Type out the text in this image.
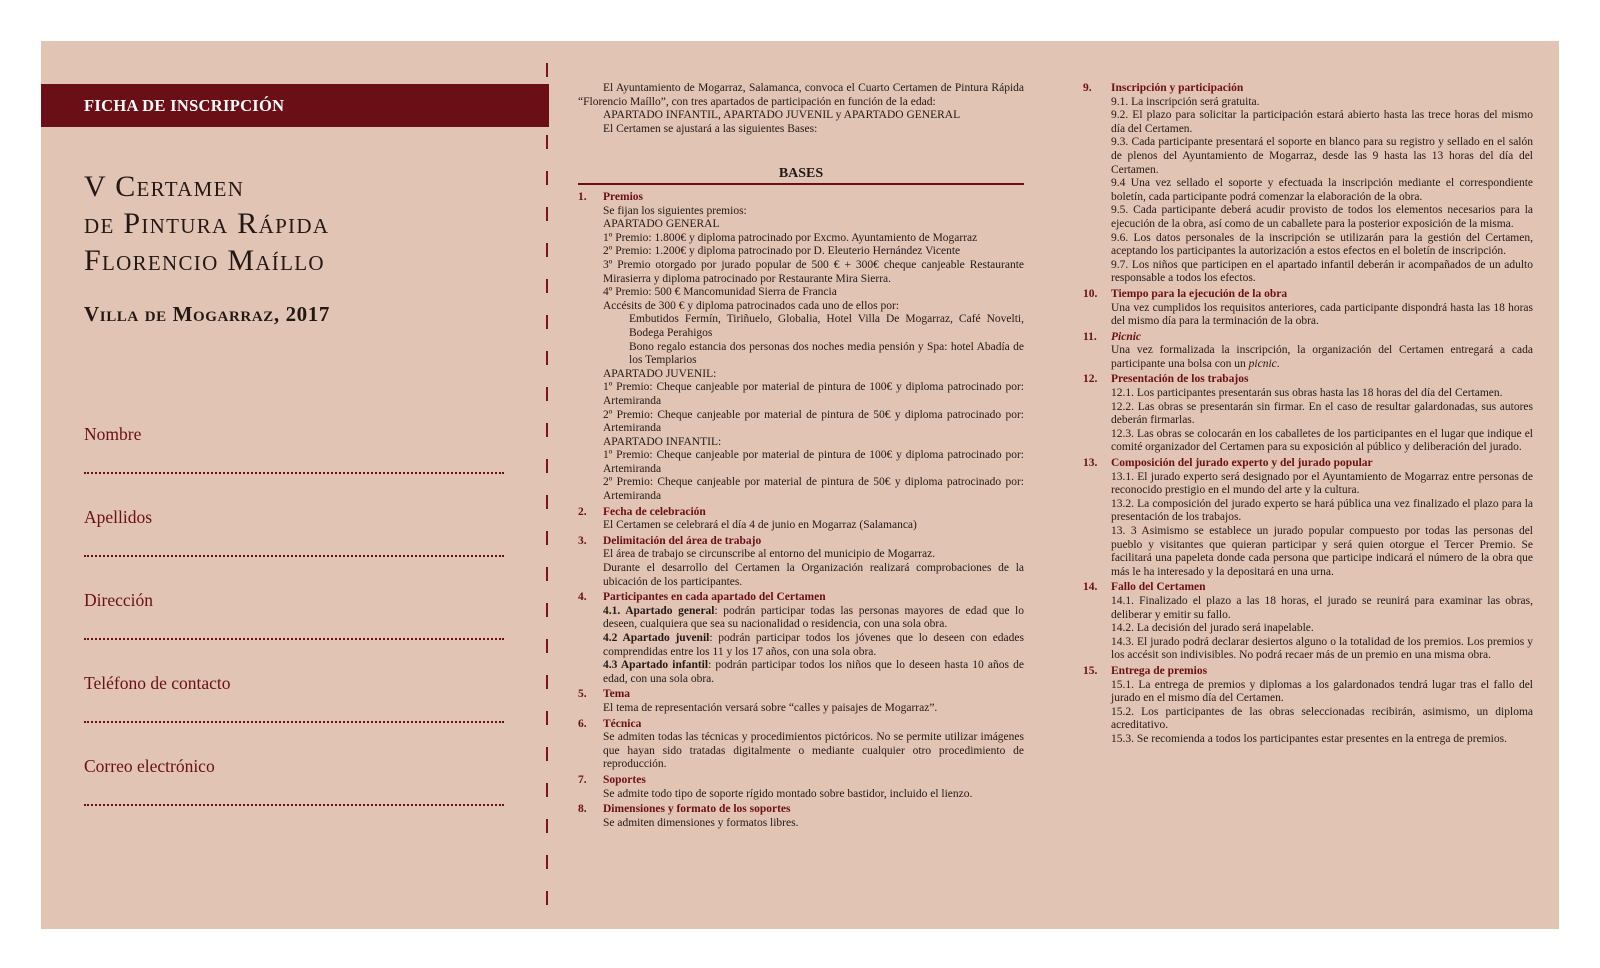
FICHA DE INSCRIPCIÓN
V Certamen
de Pintura Rápida
Florencio Maíllo
Villa de Mogarraz, 2017
Nombre
Apellidos
Dirección
Teléfono de contacto
Correo electrónico
El Ayuntamiento de Mogarraz, Salamanca, convoca el Cuarto Certamen de Pintura Rápida “Florencio Maíllo”, con tres apartados de participación en función de la edad:
APARTADO INFANTIL, APARTADO JUVENIL y APARTADO GENERAL
El Certamen se ajustará a las siguientes Bases:
BASES
1. Premios
Se fijan los siguientes premios:
APARTADO GENERAL
1º Premio: 1.800€ y diploma patrocinado por Excmo. Ayuntamiento de Mogarraz
2º Premio: 1.200€ y diploma patrocinado por D. Eleuterio Hernández Vicente
3º Premio otorgado por jurado popular de 500 € + 300€ cheque canjeable Restaurante Mirasierra y diploma patrocinado por Restaurante Mira Sierra.
4º Premio: 500 € Mancomunidad Sierra de Francia
Accésits de 300 € y diploma patrocinados cada uno de ellos por:
Embutidos Fermín, Tiriñuelo, Globalia, Hotel Villa De Mogarraz, Café Novelti, Bodega Perahigos
Bono regalo estancia dos personas dos noches media pensión y Spa: hotel Abadía de los Templarios
APARTADO JUVENIL:
1º Premio: Cheque canjeable por material de pintura de 100€ y diploma patrocinado por: Artemiranda
2º Premio: Cheque canjeable por material de pintura de 50€ y diploma patrocinado por: Artemiranda
APARTADO INFANTIL:
1º Premio: Cheque canjeable por material de pintura de 100€ y diploma patrocinado por: Artemiranda
2º Premio: Cheque canjeable por material de pintura de 50€ y diploma patrocinado por: Artemiranda
2. Fecha de celebración
El Certamen se celebrará el día 4 de junio en Mogarraz (Salamanca)
3. Delimitación del área de trabajo
El área de trabajo se circunscribe al entorno del municipio de Mogarraz.
Durante el desarrollo del Certamen la Organización realizará comprobaciones de la ubicación de los participantes.
4. Participantes en cada apartado del Certamen
4.1. Apartado general: podrán participar todas las personas mayores de edad que lo deseen, cualquiera que sea su nacionalidad o residencia, con una sola obra.
4.2 Apartado juvenil: podrán participar todos los jóvenes que lo deseen con edades comprendidas entre los 11 y los 17 años, con una sola obra.
4.3 Apartado infantil: podrán participar todos los niños que lo deseen hasta 10 años de edad, con una sola obra.
5. Tema
El tema de representación versará sobre “calles y paisajes de Mogarraz”.
6. Técnica
Se admiten todas las técnicas y procedimientos pictóricos. No se permite utilizar imágenes que hayan sido tratadas digitalmente o mediante cualquier otro procedimiento de reproducción.
7. Soportes
Se admite todo tipo de soporte rígido montado sobre bastidor, incluido el lienzo.
8. Dimensiones y formato de los soportes
Se admiten dimensiones y formatos libres.
9. Inscripción y participación
9.1. La inscripción será gratuita.
9.2. El plazo para solicitar la participación estará abierto hasta las trece horas del mismo día del Certamen.
9.3. Cada participante presentará el soporte en blanco para su registro y sellado en el salón de plenos del Ayuntamiento de Mogarraz, desde las 9 hasta las 13 horas del día del Certamen.
9.4 Una vez sellado el soporte y efectuada la inscripción mediante el correspondiente boletín, cada participante podrá comenzar la elaboración de la obra.
9.5. Cada participante deberá acudir provisto de todos los elementos necesarios para la ejecución de la obra, así como de un caballete para la posterior exposición de la misma.
9.6. Los datos personales de la inscripción se utilizarán para la gestión del Certamen, aceptando los participantes la autorización a estos efectos en el boletín de inscripción.
9.7. Los niños que participen en el apartado infantil deberán ir acompañados de un adulto responsable a todos los efectos.
10. Tiempo para la ejecución de la obra
Una vez cumplidos los requisitos anteriores, cada participante dispondrá hasta las 18 horas del mismo día para la terminación de la obra.
11. Picnic
Una vez formalizada la inscripción, la organización del Certamen entregará a cada participante una bolsa con un picnic.
12. Presentación de los trabajos
12.1. Los participantes presentarán sus obras hasta las 18 horas del día del Certamen.
12.2. Las obras se presentarán sin firmar. En el caso de resultar galardonadas, sus autores deberán firmarlas.
12.3. Las obras se colocarán en los caballetes de los participantes en el lugar que indique el comité organizador del Certamen para su exposición al público y deliberación del jurado.
13. Composición del jurado experto y del jurado popular
13.1. El jurado experto será designado por el Ayuntamiento de Mogarraz entre personas de reconocido prestigio en el mundo del arte y la cultura.
13.2. La composición del jurado experto se hará pública una vez finalizado el plazo para la presentación de los trabajos.
13. 3 Asimismo se establece un jurado popular compuesto por todas las personas del pueblo y visitantes que quieran participar y será quien otorgue el Tercer Premio. Se facilitará una papeleta donde cada persona que participe indicará el número de la obra que más le ha interesado y la depositará en una urna.
14. Fallo del Certamen
14.1. Finalizado el plazo a las 18 horas, el jurado se reunirá para examinar las obras, deliberar y emitir su fallo.
14.2. La decisión del jurado será inapelable.
14.3. El jurado podrá declarar desiertos alguno o la totalidad de los premios. Los premios y los accésit son indivisibles. No podrá recaer más de un premio en una misma obra.
15. Entrega de premios
15.1. La entrega de premios y diplomas a los galardonados tendrá lugar tras el fallo del jurado en el mismo día del Certamen.
15.2. Los participantes de las obras seleccionadas recibirán, asimismo, un diploma acreditativo.
15.3. Se recomienda a todos los participantes estar presentes en la entrega de premios.
